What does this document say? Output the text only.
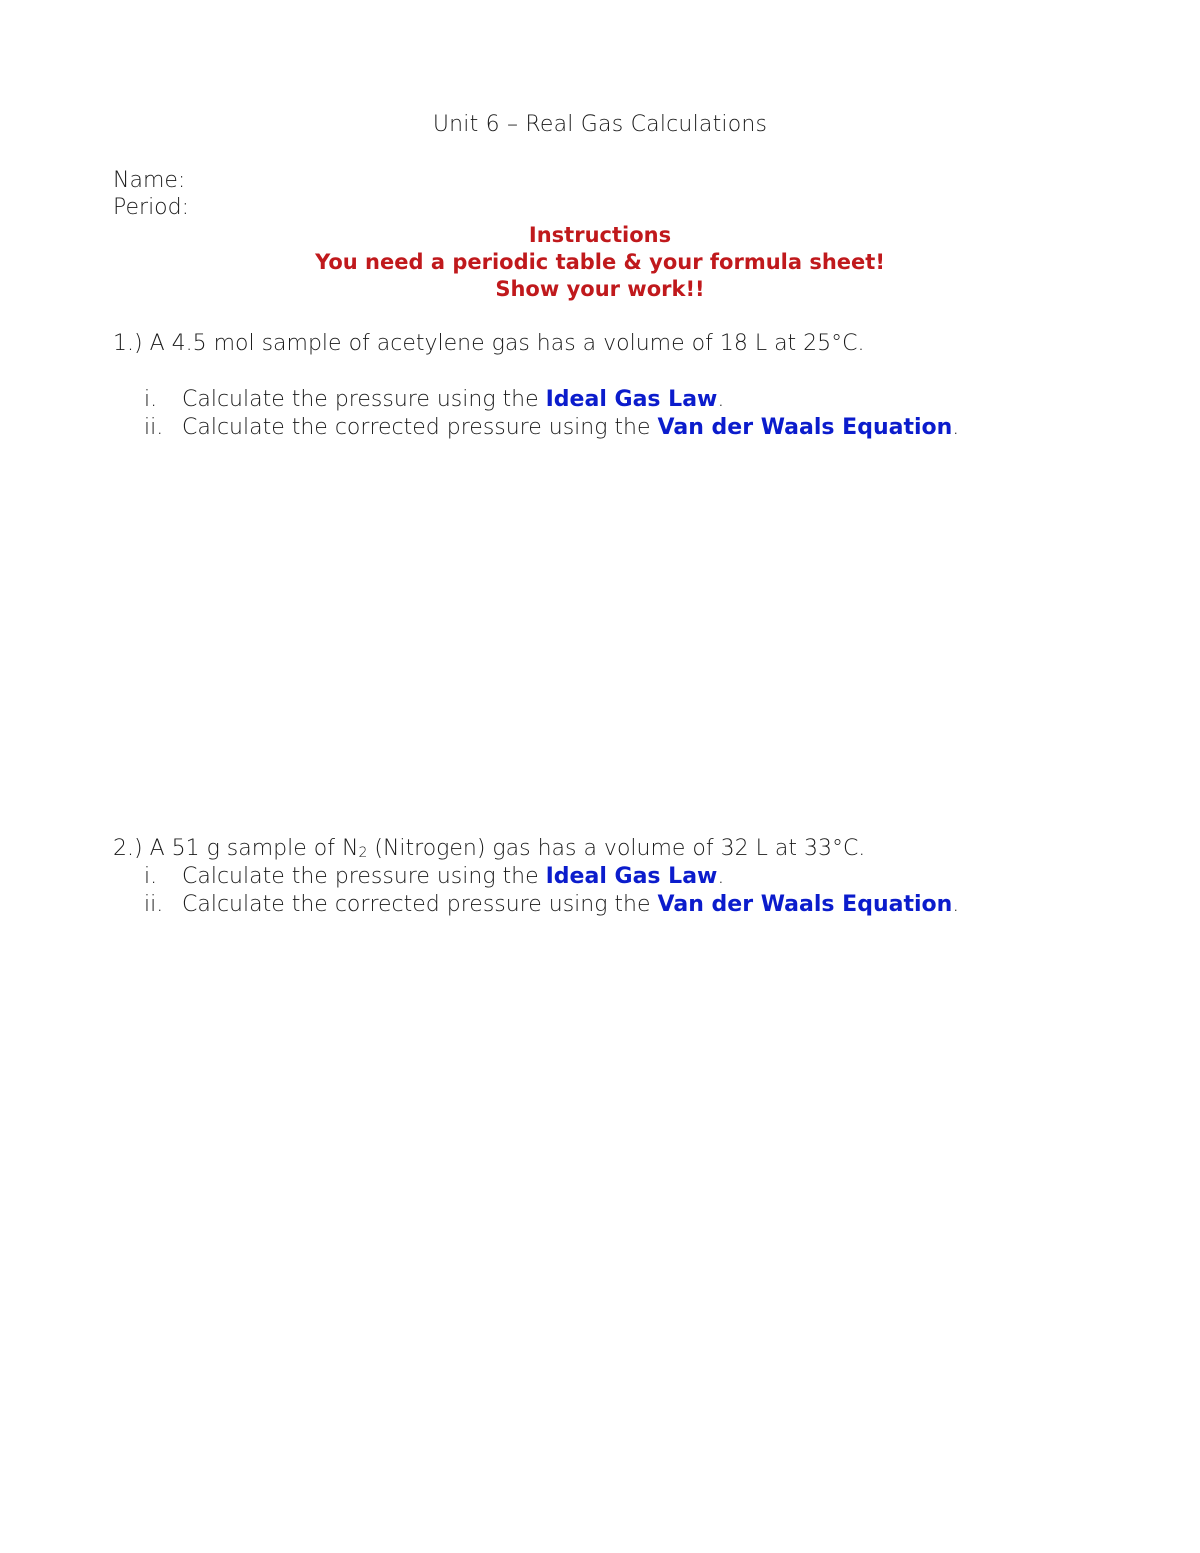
Unit 6 – Real Gas Calculations
Name:
Period:
Instructions
You need a periodic table & your formula sheet!
Show your work!!
1.) A 4.5 mol sample of acetylene gas has a volume of 18 L at 25°C.
i.	Calculate the pressure using the Ideal Gas Law.
ii. Calculate the corrected pressure using the Van der Waals Equation.
2.) A 51 g sample of $N_2$ (Nitrogen) gas has a volume of 32 L at 33°C.
i.	Calculate the pressure using the Ideal Gas Law.
ii. Calculate the corrected pressure using the Van der Waals Equation.
